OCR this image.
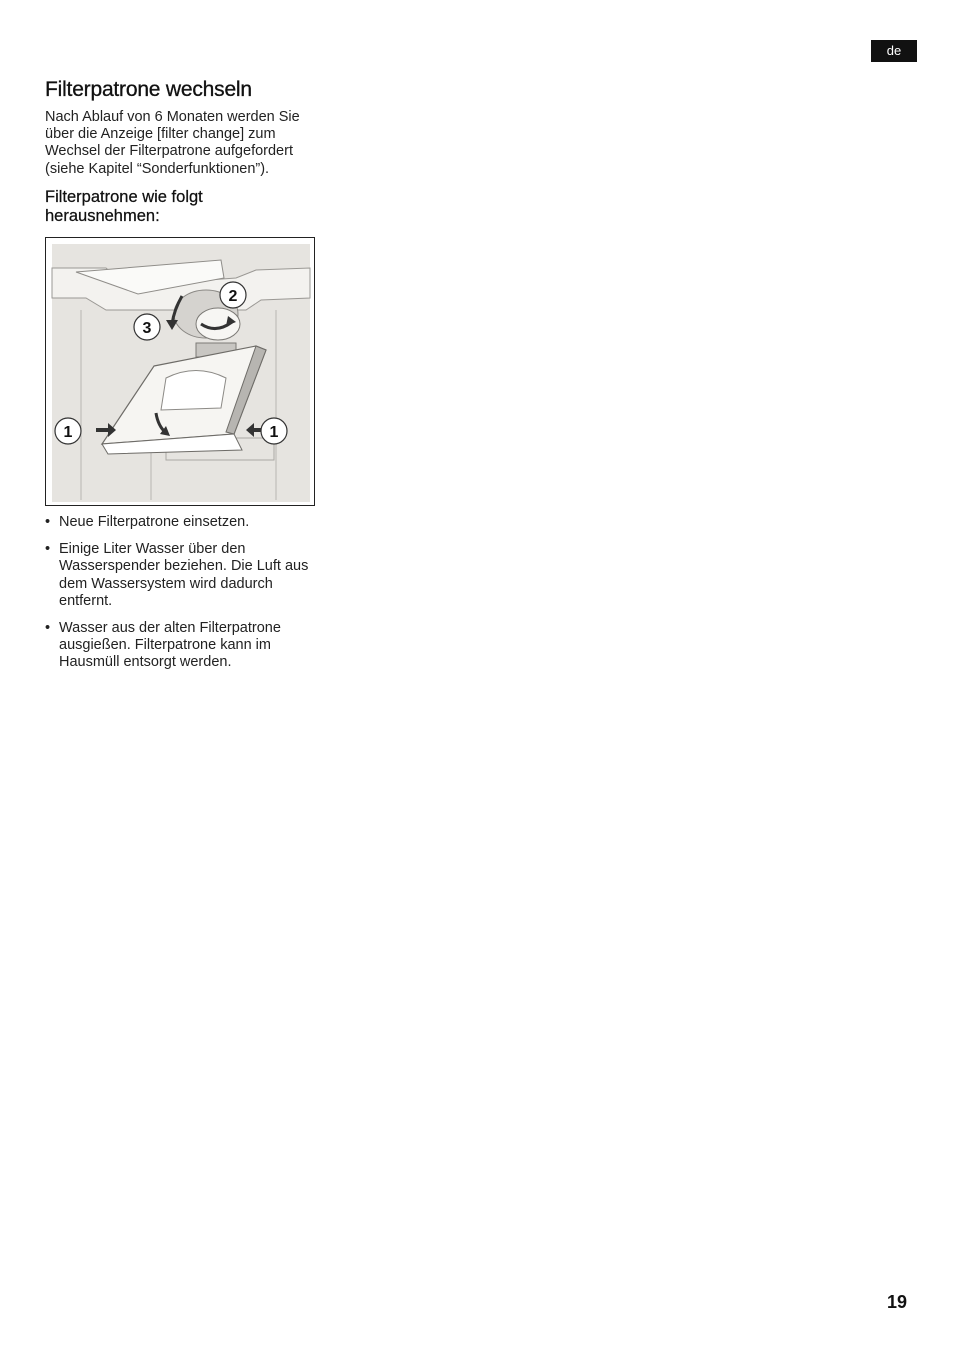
de
Filterpatrone wechseln

Nach Ablauf von 6 Monaten werden Sie über die Anzeige [filter change] zum Wechsel der Filterpatrone aufgefordert (siehe Kapitel “Sonderfunktionen”).

Filterpatrone wie folgt herausnehmen:
1	1
2
3
• Neue Filterpatrone einsetzen.
• Einige Liter Wasser über den Wasserspender beziehen. Die Luft aus dem Wassersystem wird dadurch entfernt.
• Wasser aus der alten Filterpatrone ausgießen. Filterpatrone kann im Hausmüll entsorgt werden.
19
